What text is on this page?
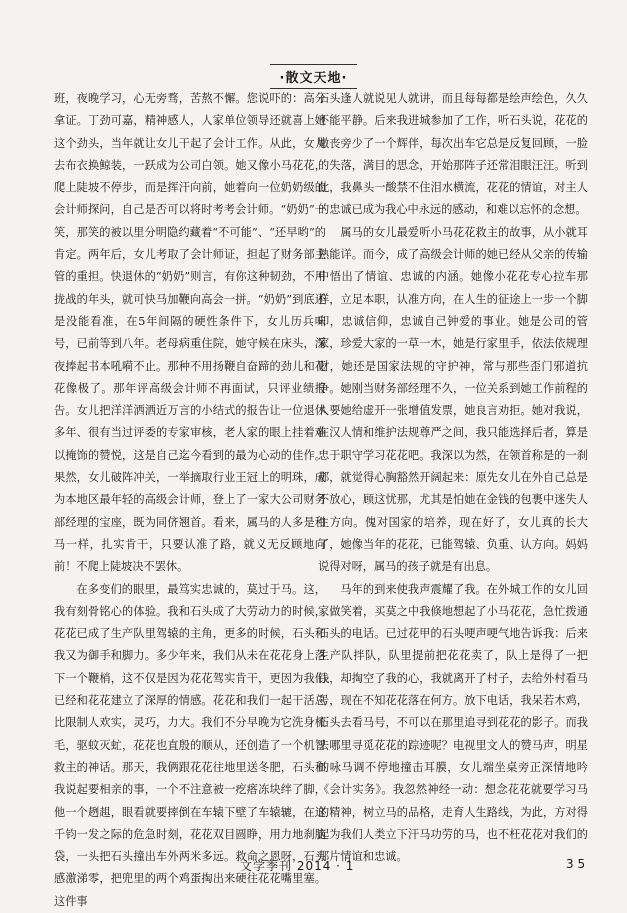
·散文天地·

班，夜晚学习，心无旁骛，苦熬不懈。您说吓的：高分拿证。丁劲可嘉，精神感人，人家单位领导还就喜上她这个劲头，当年就让女儿干起了会计工作。从此，女儿去布衣换鲸装，一跃成为公司白领。她又像小马花花，爬上陡坡不停步，而是挥汗向前，她着向一位奶奶级的会计师探问，自己是否可以将时考考会计师。“奶奶”一笑，那笑的被以里分明隐约藏着“不可能”、“还早哟”的肯定。两年后，女儿考取了会计师证，担起了财务部主管的重担。快退休的“奶奶”则言，有你这种韧劲，不用拢战的年头，就可快马加鞭向高会一拼。“奶奶”到底还是没能看准，在5年间隔的硬性条件下，女儿历兵味号，已前等到八年。老母病重住院，她守候在床头，深夜捧起书本吼嗬不止。那种不用扬鞭自奋蹄的劲儿和花花像极了。那年评高级会计师不再面试，只评业绩报告。女儿把洋洋洒洒近万言的小结式的报告让一位退休多年、很有当过评委的专家审核，老人家的眼上挂着难以掩饰的赞悦，这是自己迄今看到的最为心动的佳作。果然，女儿破阵冲关，一举摘取行业王冠上的明珠，成为本地区最年轻的高级会计师，登上了一家大公司财务部经理的宝座，既为同侪翘首。看来，属马的人多是和马一样，扎实肯干，只要认准了路，就义无反顾地向前！不爬上陡坡决不罢休。

在多变们的眼里，最笃实忠诚的，莫过于马。这，我有刻骨铭心的体验。我和石头成了大劳动力的时候，花花已成了生产队里驾辕的主角，更多的时候，石头和我又为御手和脚力。多少年来，我们从未在花花身上落下一个鞭梢，这不仅是因为花花驾实肯干，更因为我们已经和花花建立了深厚的情感。花花和我们一起干活总比限制人欢实，灵巧，力大。我们不分早晚为它洗身梳毛，驱蚊灭虻，花花也直殷的顺从，还创造了一个机智救主的神话。那天，我俩跟花花往地里送冬肥，石头和我说起要相亲的事，一个不注意被一疙瘩冻块绊了脚，他一个趔趄，眼看就要摔倒在车辕下壁了车辕辘，在这千钧一发之际的危急时刻，花花双目圆睁，用力地刹脑袋，一头把石头撞出车外两米多远。救命之恩呀，石头感激涕零，把兜里的两个鸡蛋掏出来硬往花花嘴里塞。这件事

石头逢人就说见人就讲，而且每每都是绘声绘色，久久不能平静。后来我进城参加了工作，听石头说，花花的嫩丧旁少了一个辉伴，每次出车它总是反复回顾，一脸的失落，满目的思念，开始那阵子还常泪眼汪汪。听到此，我鼻头一酸禁不住泪水横流，花花的情谊，对主人的忠诚已成为我心中永远的感动，和难以忘怀的念想。

属马的女儿最爱听小马花花救主的故事，从小就耳熟能详。而今，成了高级会计师的她已经从父亲的传输中悟出了情谊、忠诚的内涵。她像小花花专心拉车那样，立足本职，认准方向，在人生的征途上一步一个脚印，忠诚信仰，忠诚自己钟爱的事业。她是公司的管家，珍爱大家的一草一木，她是行家里手，依法依规理财，她还是国家法规的守护神，常与那些歪门邪道抗争。她刚当财务部经理不久，一位关系到她工作前程的人要她给虚开一张增值发票，她良言劝拒。她对我说，在汉人情和维护法规尊严之间，我只能选择后者，算是忠于职守学习花花吧。我深以为然，在领首称是的一刹那，就觉得心胸豁然开阔起来：原先女儿在外自己总是不放心，顾这忧那，尤其是怕她在金钱的包裹中迷失人生方向。傀对国家的培养，现在好了，女儿真的长大了，她像当年的花花，已能驾辕、负重、认方向。妈妈说得对呀，属马的孩子就是有出息。

马年的到来使我声震耀了我。在外城工作的女儿回家做笑着，买莫之中我倏地想起了小马花花，急忙拨通石头的电话。已过花甲的石头哽声哽气地告诉我：后来生产队拌队，队里提前把花花卖了，队上是得了一把钱，却掏空了我的心，我就离开了村子，去给外村看马号，现在不知花花落在何方。放下电话，我呆若木鸡，石头去看马号，不可以在那里追寻到花花的影子。而我去哪里寻觅花花的踪迹呢？电视里文人的赞马声，明星的咏马调不停地撞击耳膜，女儿端坐桌旁正深情地吟《会计实务》。我忽然神经一动：想念花花就要学习马的精神，树立马的品格，走育人生路线，为此，方对得起为我们人类立下汗马功劳的马，也不枉花花对我们的那片情谊和忠诚。

文学季刊 2014 · 1	3 5
